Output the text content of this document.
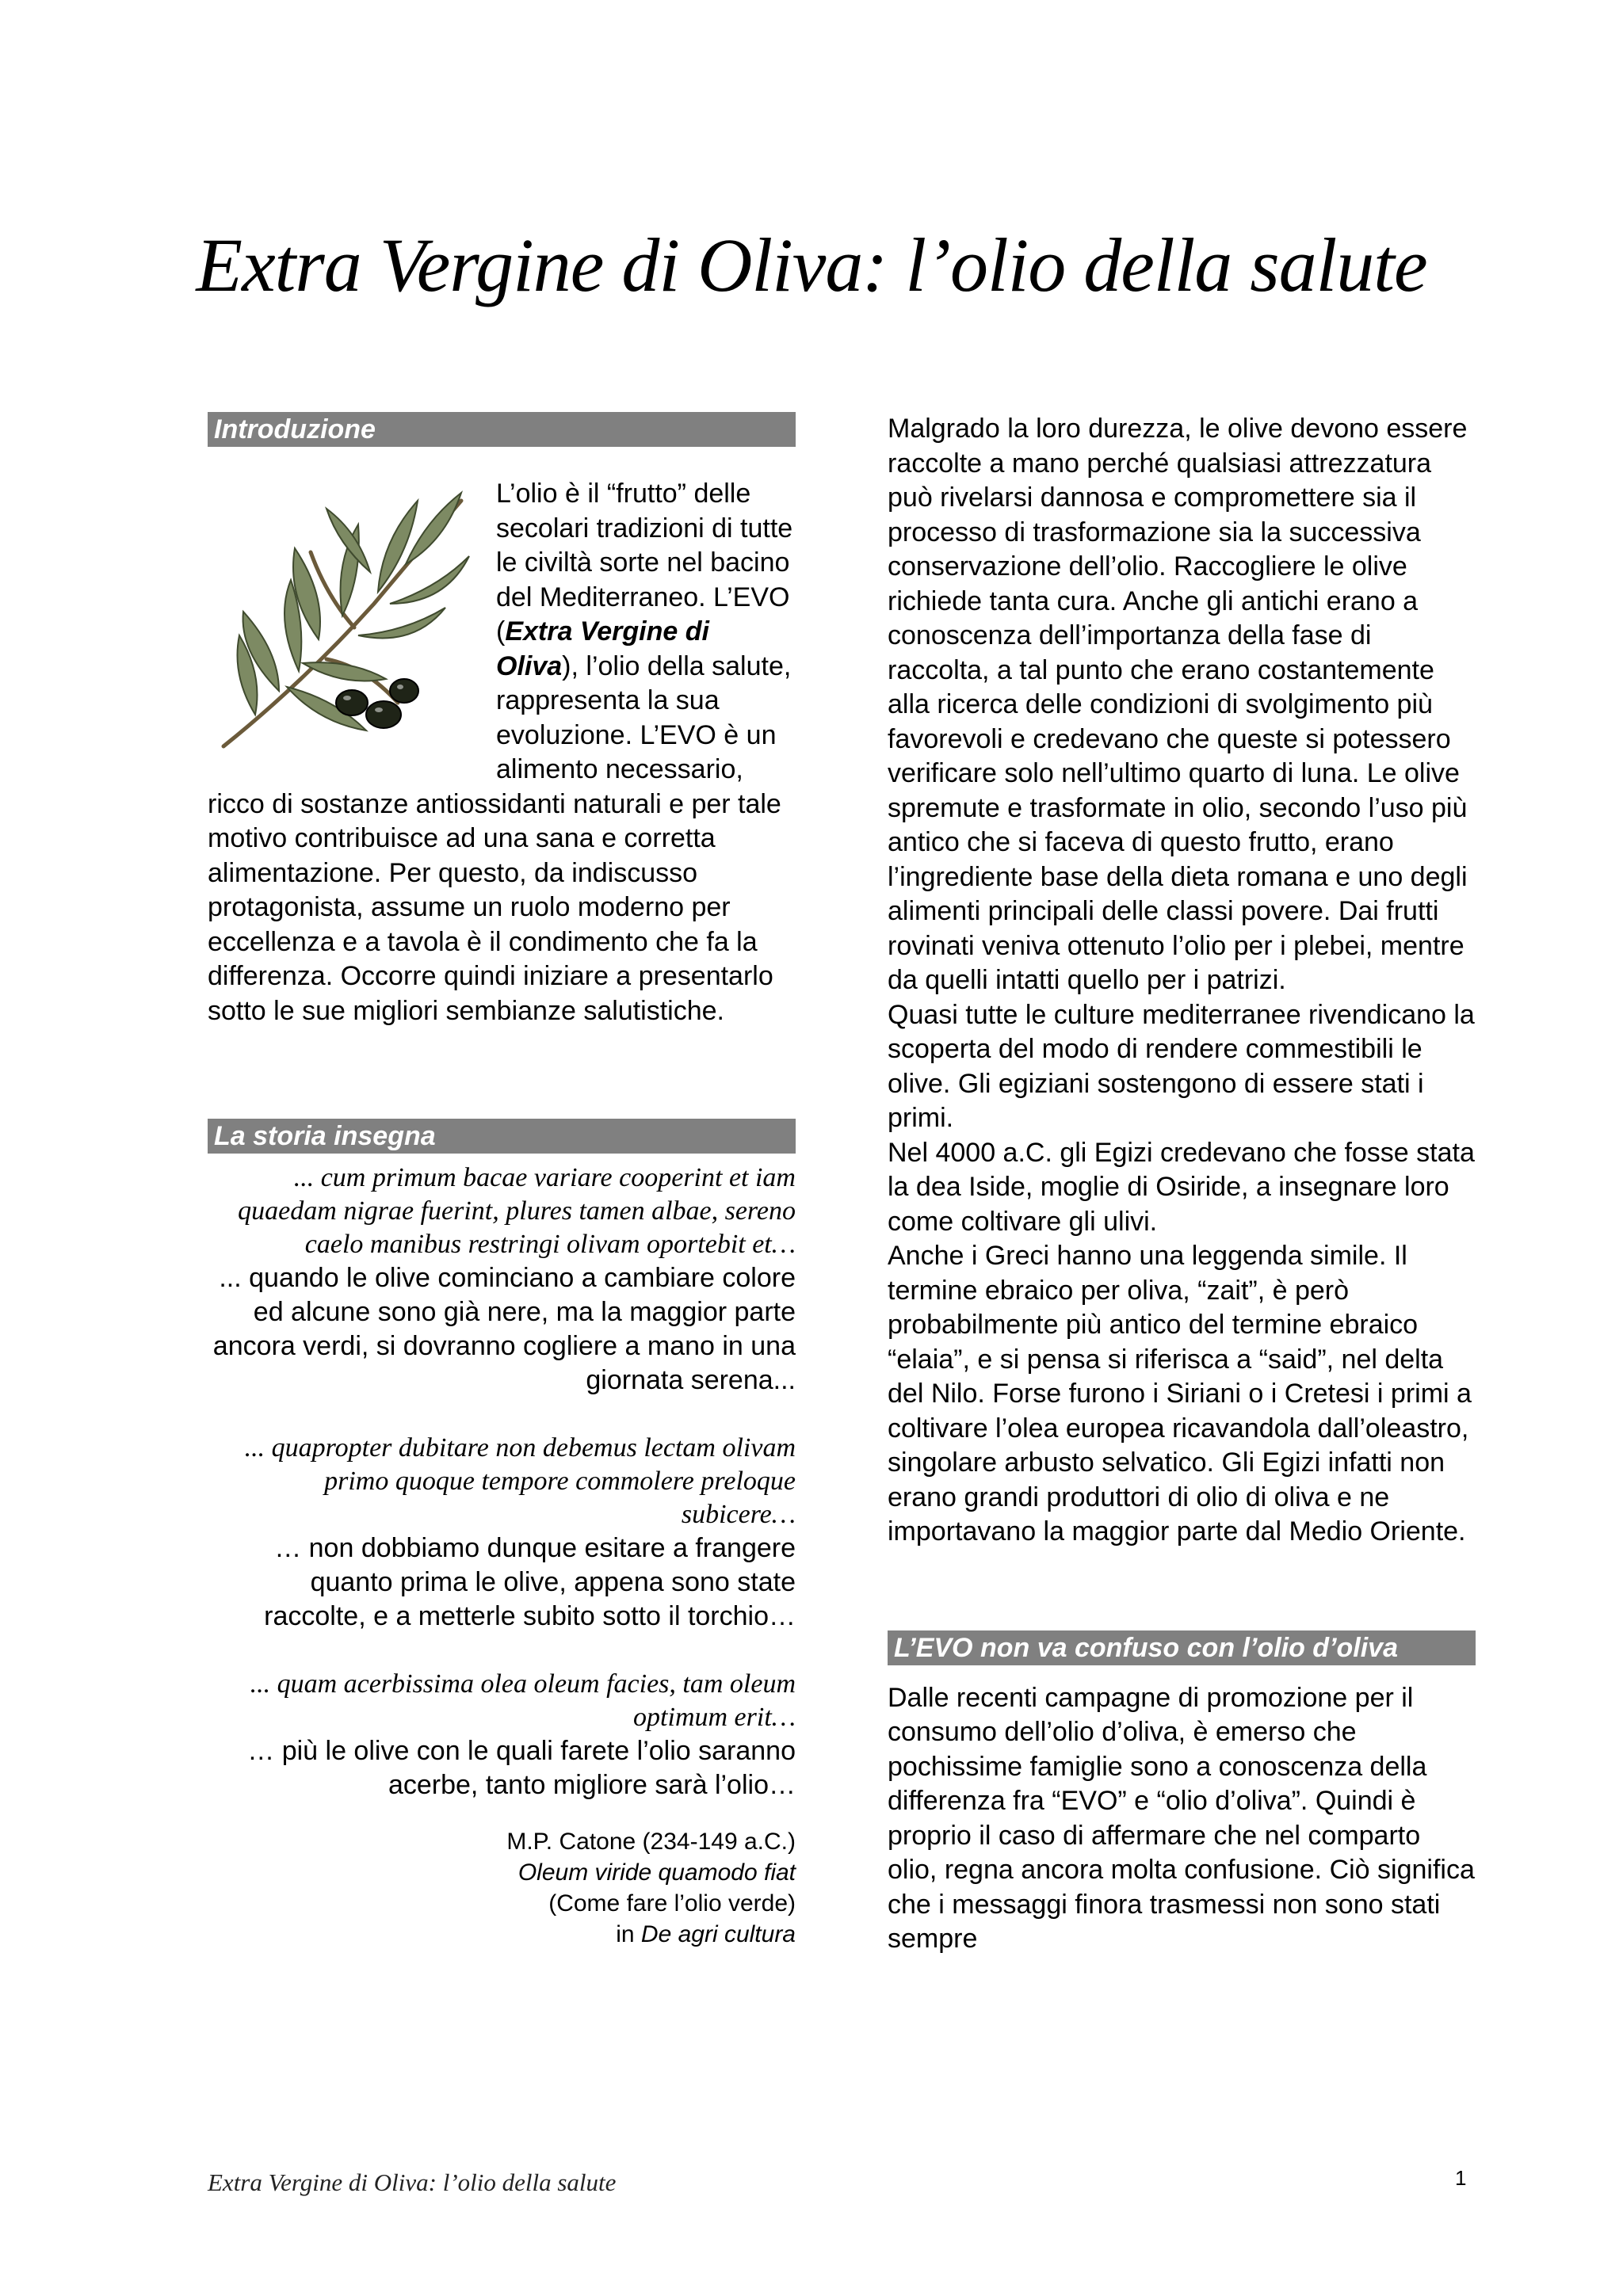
Extra Vergine di Oliva: l’olio della salute
Introduzione
L’olio è il “frutto” delle secolari tradizioni di tutte le civiltà sorte nel bacino del Mediterraneo. L’EVO (Extra Vergine di Oliva), l’olio della salute, rappresenta la sua evoluzione. L’EVO è un alimento necessario, ricco di sostanze antiossidanti naturali e per tale motivo contribuisce ad una sana e corretta alimentazione. Per questo, da indiscusso protagonista, assume un ruolo moderno per eccellenza e a tavola è il condimento che fa la differenza. Occorre quindi iniziare a presentarlo sotto le sue migliori sembianze salutistiche.
La storia insegna
... cum primum bacae variare cooperint et iam quaedam nigrae fuerint, plures tamen albae, sereno caelo manibus restringi olivam oportebit et…
... quando le olive cominciano a cambiare colore ed alcune sono già nere, ma la maggior parte ancora verdi, si dovranno cogliere a mano in una giornata serena...
... quapropter dubitare non debemus lectam olivam primo quoque tempore commolere preloque subicere…
… non dobbiamo dunque esitare a frangere quanto prima le olive, appena sono state raccolte, e a metterle subito sotto il torchio…
... quam acerbissima olea oleum facies, tam oleum optimum erit…
… più le olive con le quali farete l’olio saranno acerbe, tanto migliore sarà l’olio…
M.P. Catone (234-149 a.C.)
Oleum viride quamodo fiat
(Come fare l’olio verde)
in De agri cultura
Malgrado la loro durezza, le olive devono essere raccolte a mano perché qualsiasi attrezzatura può rivelarsi dannosa e compromettere sia il processo di trasformazione sia la successiva conservazione dell’olio. Raccogliere le olive richiede tanta cura. Anche gli antichi erano a conoscenza dell’importanza della fase di raccolta, a tal punto che erano costantemente alla ricerca delle condizioni di svolgimento più favorevoli e credevano che queste si potessero verificare solo nell’ultimo quarto di luna. Le olive spremute e trasformate in olio, secondo l’uso più antico che si faceva di questo frutto, erano l’ingrediente base della dieta romana e uno degli alimenti principali delle classi povere. Dai frutti rovinati veniva ottenuto l’olio per i plebei, mentre da quelli intatti quello per i patrizi.
Quasi tutte le culture mediterranee rivendicano la scoperta del modo di rendere commestibili le olive. Gli egiziani sostengono di essere stati i primi.
Nel 4000 a.C. gli Egizi credevano che fosse stata la dea Iside, moglie di Osiride, a insegnare loro come coltivare gli ulivi.
Anche i Greci hanno una leggenda simile. Il termine ebraico per oliva, “zait”, è però probabilmente più antico del termine ebraico “elaia”, e si pensa si riferisca a “said”, nel delta del Nilo. Forse furono i Siriani o i Cretesi i primi a coltivare l’olea europea ricavandola dall’oleastro, singolare arbusto selvatico. Gli Egizi infatti non erano grandi produttori di olio di oliva e ne importavano la maggior parte dal Medio Oriente.
L’EVO non va confuso con l’olio d’oliva
Dalle recenti campagne di promozione per il consumo dell’olio d’oliva, è emerso che pochissime famiglie sono a conoscenza della differenza fra “EVO” e “olio d’oliva”. Quindi è proprio il caso di affermare che nel comparto olio, regna ancora molta confusione. Ciò significa che i messaggi finora trasmessi non sono stati sempre
Extra Vergine di Oliva: l’olio della salute	1
